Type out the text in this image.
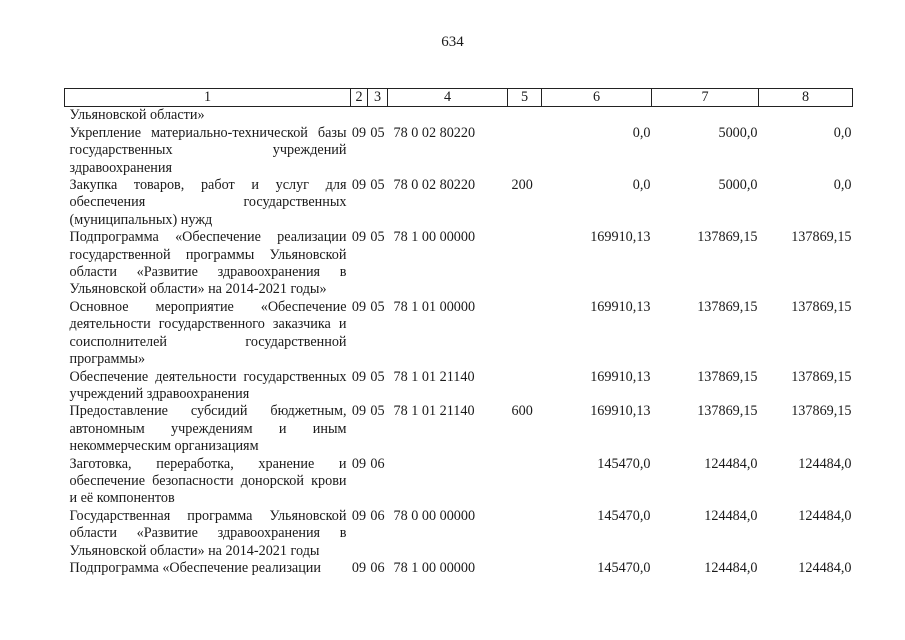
634
1	2	3	4	5	6	7	8
Ульяновской области»							
Укрепление материально-технической базы государственных учреждений здравоохранения	09	05	78 0 02 80220		0,0	5000,0	0,0
Закупка товаров, работ и услуг для обеспечения государственных (муниципальных) нужд	09	05	78 0 02 80220	200	0,0	5000,0	0,0
Подпрограмма «Обеспечение реализации государственной программы Ульяновской области «Развитие здравоохранения в Ульяновской области» на 2014-2021 годы»	09	05	78 1 00 00000		169910,13	137869,15	137869,15
Основное мероприятие «Обеспечение деятельности государственного заказчика и соисполнителей государственной программы»	09	05	78 1 01 00000		169910,13	137869,15	137869,15
Обеспечение деятельности государственных учреждений здравоохранения	09	05	78 1 01 21140		169910,13	137869,15	137869,15
Предоставление субсидий бюджетным, автономным учреждениям и иным некоммерческим организациям	09	05	78 1 01 21140	600	169910,13	137869,15	137869,15
Заготовка, переработка, хранение и обеспечение безопасности донорской крови и её компонентов	09	06			145470,0	124484,0	124484,0
Государственная программа Ульяновской области «Развитие здравоохранения в Ульяновской области» на 2014-2021 годы	09	06	78 0 00 00000		145470,0	124484,0	124484,0
Подпрограмма «Обеспечение реализации	09	06	78 1 00 00000		145470,0	124484,0	124484,0
